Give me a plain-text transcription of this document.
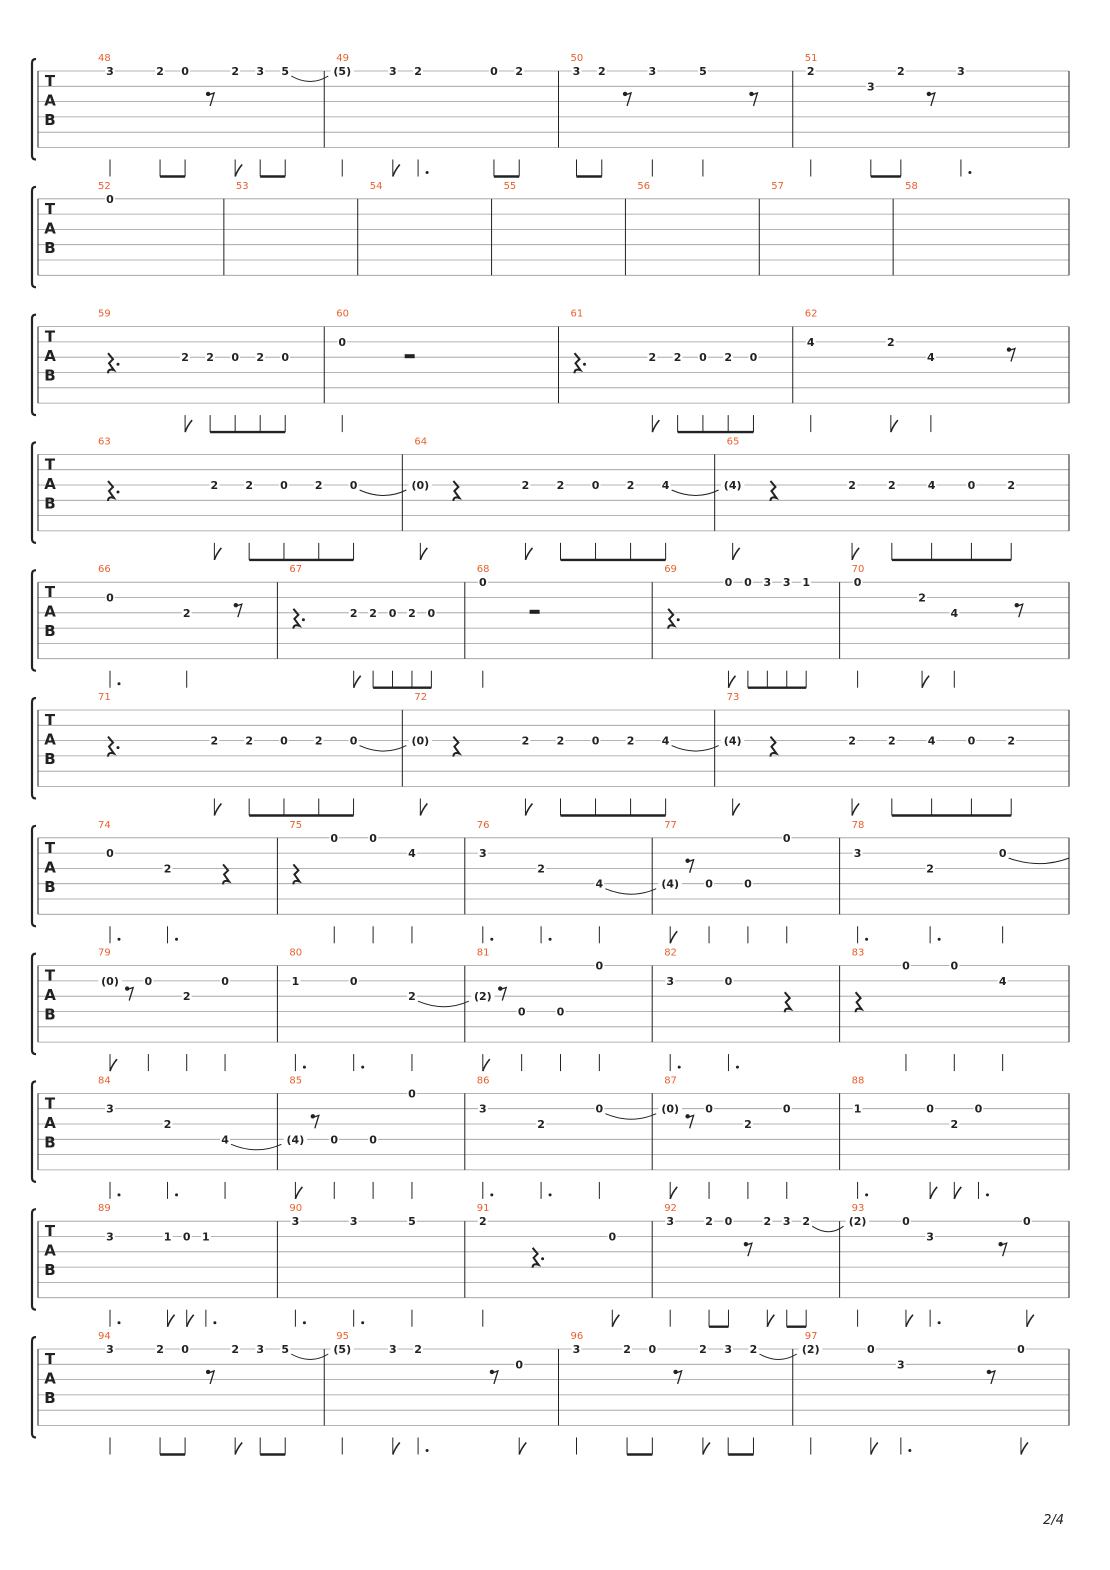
T
A
B
48
3	2 0	2 3 5
49
(5)	3 2	0 2
50
3 2	3	5
51
2
3
2	3
T
A
B
52
0
53	54	55	56	57	58
T
A
B
59
2 2 0 2 0
60
0
61
2 2 0 2 0
62
4	2
4
T
A
B
63
2 2 0 2 0
64
(0)	2 2 0 2 4
65
(4)	2	2	4	0	2
T
A
B
66
0
2
67
2 2 0 2 0
68
0
69
0 0 3 3 1
70
0
2
4
T
A
B
71
2 2 0 2 0
72
(0)	2 2 0 2 4
73
(4)	2	2	4	0	2
T
A
B
74
0
2
75
0	0
4
76
3
2
4
77
(4) 0	0
0
78
3
2
0
T
A
B
79
(0) 0
2
0
80
1	0
2
81
(2)
0	0
0
82
3	0
83
0	0
4
T
A
B
84
3
2
4
85
(4) 0	0
0
86
3
2
0
87
(0) 0
2
0
88
1	0
2
0
T
A
B
89
3	1 0 1
90
3	3	5
91
2
0
92
3	2 0	2 3 2
93
(2)	0
3
0
T
A
B
94
3	2 0	2 3 5
95
(5)	3 2
0
96
3	2 0	2 3 2
97
(2)	0
3
0
2/4
